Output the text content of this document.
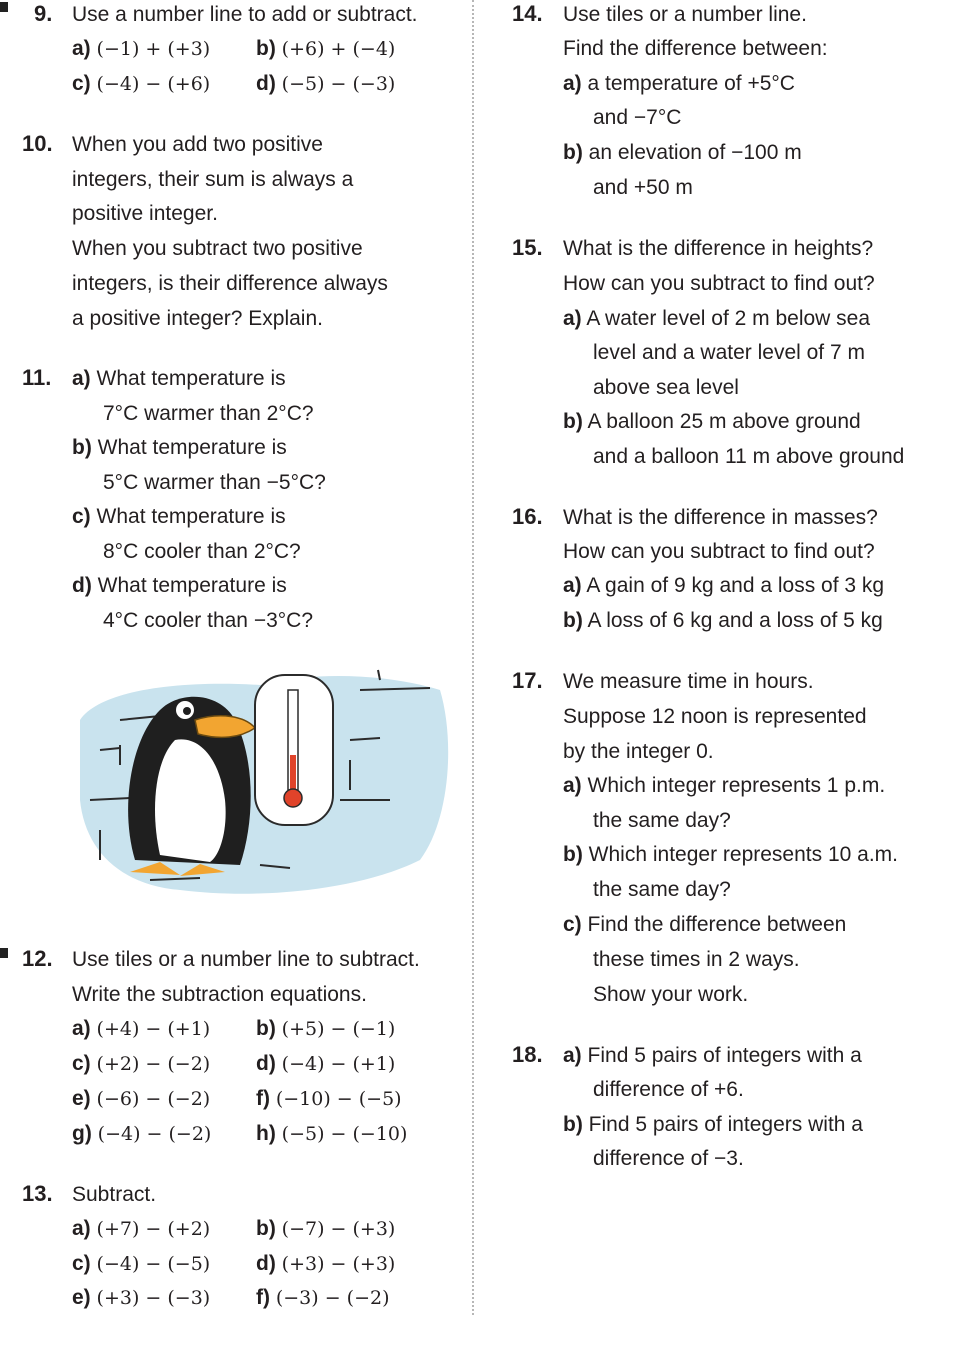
9. Use a number line to add or subtract.
a) (−1) + (+3) b) (+6) + (−4)
c) (−4) − (+6) d) (−5) − (−3)
10. When you add two positive
integers, their sum is always a
positive integer.
When you subtract two positive
integers, is their difference always
a positive integer? Explain.
11. a) What temperature is
7°C warmer than 2°C?
b) What temperature is
5°C warmer than −5°C?
c) What temperature is
8°C cooler than 2°C?
d) What temperature is
4°C cooler than −3°C?
12. Use tiles or a number line to subtract.
Write the subtraction equations.
a) (+4) − (+1) b) (+5) − (−1)
c) (+2) − (−2) d) (−4) − (+1)
e) (−6) − (−2) f) (−10) − (−5)
g) (−4) − (−2) h) (−5) − (−10)
13. Subtract.
a) (+7) − (+2) b) (−7) − (+3)
c) (−4) − (−5) d) (+3) − (+3)
e) (+3) − (−3) f) (−3) − (−2)
14. Use tiles or a number line.
Find the difference between:
a) a temperature of +5°C
and −7°C
b) an elevation of −100 m
and +50 m
15. What is the difference in heights?
How can you subtract to find out?
a) A water level of 2 m below sea
level and a water level of 7 m
above sea level
b) A balloon 25 m above ground
and a balloon 11 m above ground
16. What is the difference in masses?
How can you subtract to find out?
a) A gain of 9 kg and a loss of 3 kg
b) A loss of 6 kg and a loss of 5 kg
17. We measure time in hours.
Suppose 12 noon is represented
by the integer 0.
a) Which integer represents 1 p.m.
the same day?
b) Which integer represents 10 a.m.
the same day?
c) Find the difference between
these times in 2 ways.
Show your work.
18. a) Find 5 pairs of integers with a
difference of +6.
b) Find 5 pairs of integers with a
difference of −3.
